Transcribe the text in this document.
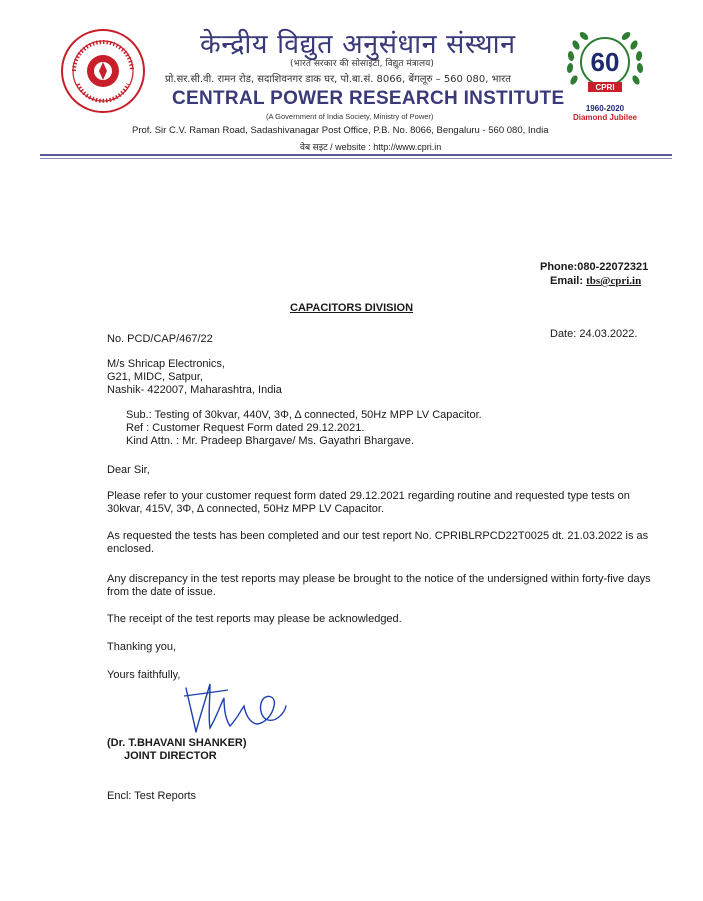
केन्द्रीय विद्युत अनुसंधान संस्थान
(भारत सरकार की सोसाइटी, विद्युत मंत्रालय)
प्रो.सर.सी.वी. रामन रोड, सदाशिवनगर डाक घर, पो.बा.सं. 8066, बेंगलूरु – 560 080, भारत
CENTRAL POWER RESEARCH INSTITUTE
(A Government of India Society, Ministry of Power)
Prof. Sir C.V. Raman Road, Sadashivanagar Post Office, P.B. No. 8066, Bengaluru - 560 080, India
वेब सइट / website : http://www.cpri.in
60
CPRI
1960-2020
Diamond Jubilee
Phone:080-22072321
Email: tbs@cpri.in
CAPACITORS DIVISION
No. PCD/CAP/467/22	Date: 24.03.2022.
M/s Shricap Electronics,
G21, MIDC, Satpur,
Nashik- 422007, Maharashtra, India
Sub.: Testing of 30kvar, 440V, 3Φ, Δ connected, 50Hz MPP LV Capacitor.
Ref : Customer Request Form dated 29.12.2021.
Kind Attn. : Mr. Pradeep Bhargave/ Ms. Gayathri Bhargave.
Dear Sir,
Please refer to your customer request form dated 29.12.2021 regarding routine and requested type tests on 30kvar, 415V, 3Φ, Δ connected, 50Hz MPP LV Capacitor.
As requested the tests has been completed and our test report No. CPRIBLRPCD22T0025 dt. 21.03.2022 is as enclosed.
Any discrepancy in the test reports may please be brought to the notice of the undersigned within forty-five days from the date of issue.
The receipt of the test reports may please be acknowledged.
Thanking you,
Yours faithfully,
(Dr. T.BHAVANI SHANKER)
JOINT DIRECTOR
Encl: Test Reports
